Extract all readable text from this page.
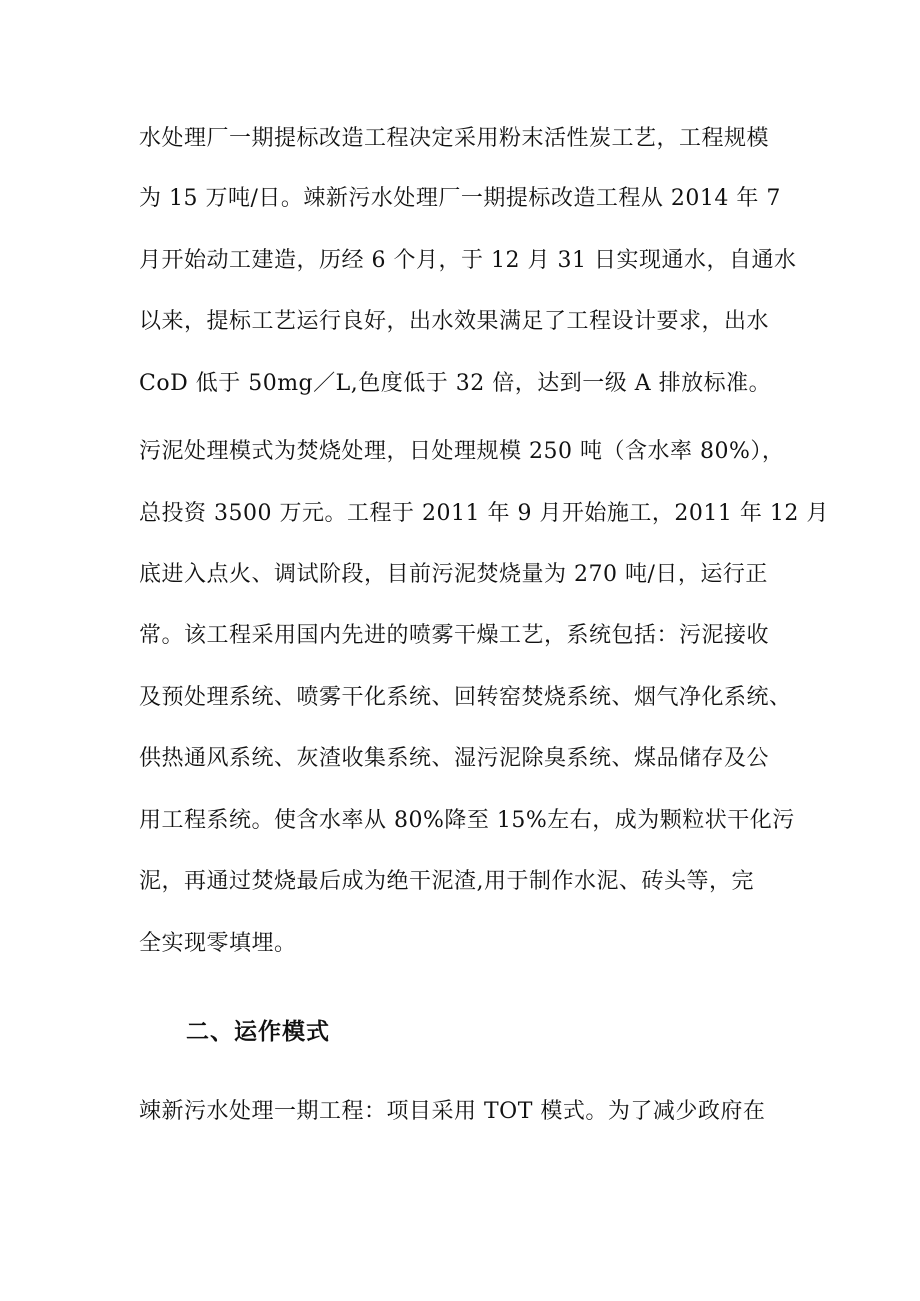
水处理厂一期提标改造工程决定采用粉末活性炭工艺，工程规模
为 15 万吨/日。竦新污水处理厂一期提标改造工程从 2014 年 7
月开始动工建造，历经 6 个月，于 12 月 31 日实现通水，自通水
以来，提标工艺运行良好，出水效果满足了工程设计要求，出水
CoD 低于 50mg／L,色度低于 32 倍，达到一级 A 排放标准。
污泥处理模式为焚烧处理，日处理规模 250 吨（含水率 80%），
总投资 3500 万元。工程于 2011 年 9 月开始施工，2011 年 12 月
底进入点火、调试阶段，目前污泥焚烧量为 270 吨/日，运行正
常。该工程采用国内先进的喷雾干燥工艺，系统包括：污泥接收
及预处理系统、喷雾干化系统、回转窑焚烧系统、烟气净化系统、
供热通风系统、灰渣收集系统、湿污泥除臭系统、煤品储存及公
用工程系统。使含水率从 80%降至 15%左右，成为颗粒状干化污
泥，再通过焚烧最后成为绝干泥渣,用于制作水泥、砖头等，完
全实现零填埋。
二、运作模式
竦新污水处理一期工程：项目采用 TOT 模式。为了减少政府在
